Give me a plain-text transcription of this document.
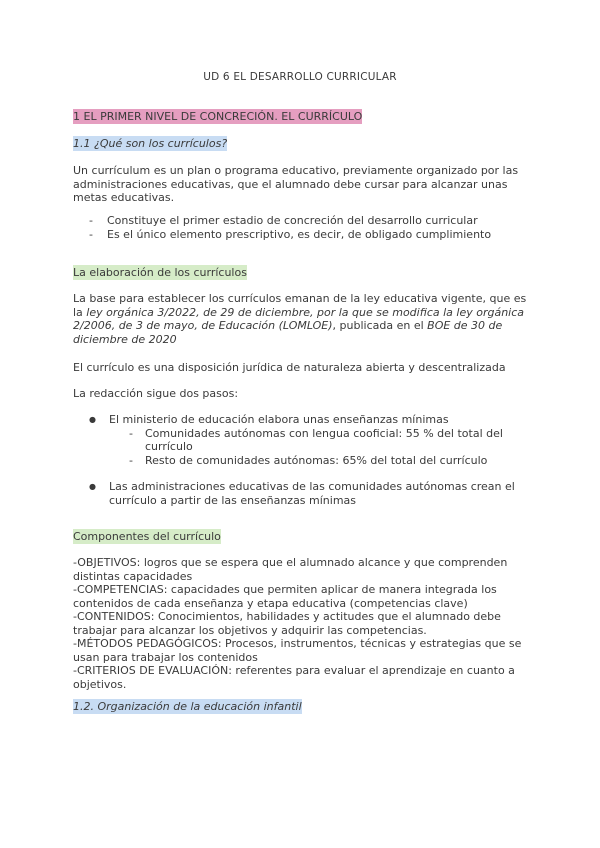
UD 6 EL DESARROLLO CURRICULAR
1 EL PRIMER NIVEL DE CONCRECIÓN. EL CURRÍCULO
1.1 ¿Qué son los currículos?

Un currículum es un plan o programa educativo, previamente organizado por las administraciones educativas, que el alumnado debe cursar para alcanzar unas metas educativas.

- Constituye el primer estadio de concreción del desarrollo curricular
- Es el único elemento prescriptivo, es decir, de obligado cumplimiento
La elaboración de los currículos

La base para establecer los currículos emanan de la ley educativa vigente, que es la ley orgánica 3/2022, de 29 de diciembre, por la que se modifica la ley orgánica 2/2006, de 3 de mayo, de Educación (LOMLOE), publicada en el BOE de 30 de diciembre de 2020

El currículo es una disposición jurídica de naturaleza abierta y descentralizada

La redacción sigue dos pasos:

● El ministerio de educación elabora unas enseñanzas mínimas
- Comunidades autónomas con lengua cooficial: 55 % del total del currículo
- Resto de comunidades autónomas: 65% del total del currículo
● Las administraciones educativas de las comunidades autónomas crean el currículo a partir de las enseñanzas mínimas
Componentes del currículo
-OBJETIVOS: logros que se espera que el alumnado alcance y que comprenden distintas capacidades
-COMPETENCIAS: capacidades que permiten aplicar de manera integrada los contenidos de cada enseñanza y etapa educativa (competencias clave)
-CONTENIDOS: Conocimientos, habilidades y actitudes que el alumnado debe trabajar para alcanzar los objetivos y adquirir las competencias.
-MÉTODOS PEDAGÓGICOS: Procesos, instrumentos, técnicas y estrategias que se usan para trabajar los contenidos
-CRITERIOS DE EVALUACIÓN: referentes para evaluar el aprendizaje en cuanto a objetivos.
1.2. Organización de la educación infantil
